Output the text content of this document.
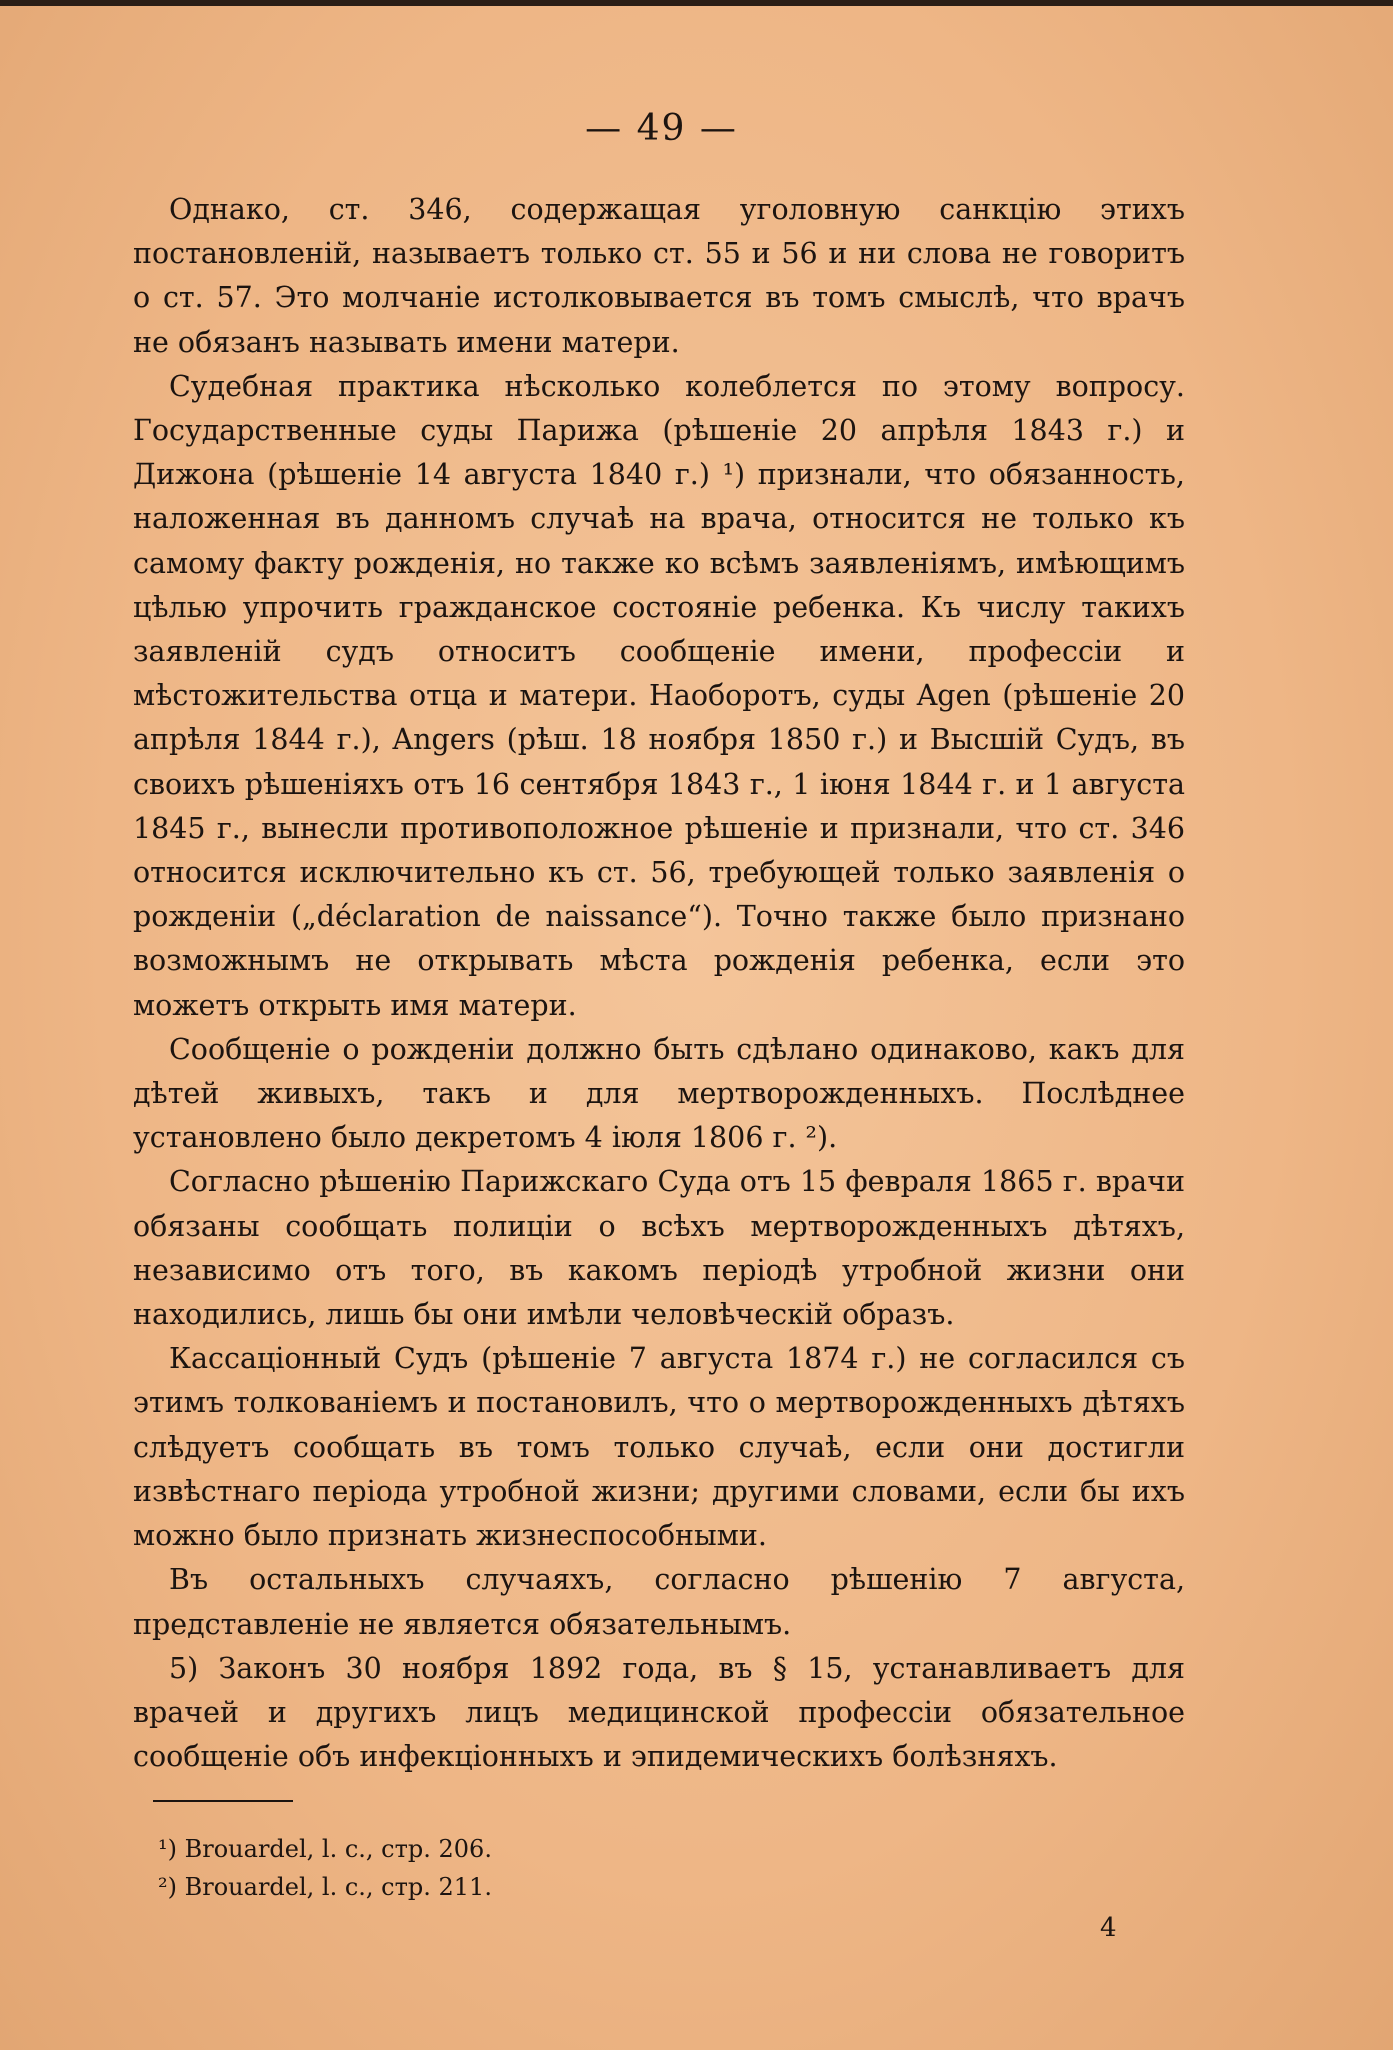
— 49 —

Однако, ст. 346, содержащая уголовную санкцію этихъ постановленій, называетъ только ст. 55 и 56 и ни слова не говоритъ о ст. 57. Это молчаніе истолковывается въ томъ смыслѣ, что врачъ не обязанъ называть имени матери.

Судебная практика нѣсколько колеблется по этому вопросу. Государственные суды Парижа (рѣшеніе 20 апрѣля 1843 г.) и Дижона (рѣшеніе 14 августа 1840 г.) ¹) признали, что обязанность, наложенная въ данномъ случаѣ на врача, относится не только къ самому факту рожденія, но также ко всѣмъ заявленіямъ, имѣющимъ цѣлью упрочить гражданское состояніе ребенка. Къ числу такихъ заявленій судъ относитъ сообщеніе имени, профессіи и мѣстожительства отца и матери. Наоборотъ, суды Agen (рѣшеніе 20 апрѣля 1844 г.), Angers (рѣш. 18 ноября 1850 г.) и Высшій Судъ, въ своихъ рѣшеніяхъ отъ 16 сентября 1843 г., 1 іюня 1844 г. и 1 августа 1845 г., вынесли противоположное рѣшеніе и признали, что ст. 346 относится исключительно къ ст. 56, требующей только заявленія о рожденіи („déclaration de naissance“). Точно также было признано возможнымъ не открывать мѣста рожденія ребенка, если это можетъ открыть имя матери.

Сообщеніе о рожденіи должно быть сдѣлано одинаково, какъ для дѣтей живыхъ, такъ и для мертворожденныхъ. Послѣднее установлено было декретомъ 4 іюля 1806 г. ²).

Согласно рѣшенію Парижскаго Суда отъ 15 февраля 1865 г. врачи обязаны сообщать полиціи о всѣхъ мертворожденныхъ дѣтяхъ, независимо отъ того, въ какомъ періодѣ утробной жизни они находились, лишь бы они имѣли человѣческій образъ.

Кассаціонный Судъ (рѣшеніе 7 августа 1874 г.) не согласился съ этимъ толкованіемъ и постановилъ, что о мертворожденныхъ дѣтяхъ слѣдуетъ сообщать въ томъ только случаѣ, если они достигли извѣстнаго періода утробной жизни; другими словами, если бы ихъ можно было признать жизнеспособными.

Въ остальныхъ случаяхъ, согласно рѣшенію 7 августа, представленіе не является обязательнымъ.

5) Законъ 30 ноября 1892 года, въ § 15, устанавливаетъ для врачей и другихъ лицъ медицинской профессіи обязательное сообщеніе объ инфекціонныхъ и эпидемическихъ болѣзняхъ.

¹) Brouardel, l. c., стр. 206.
²) Brouardel, l. c., стр. 211.
4
